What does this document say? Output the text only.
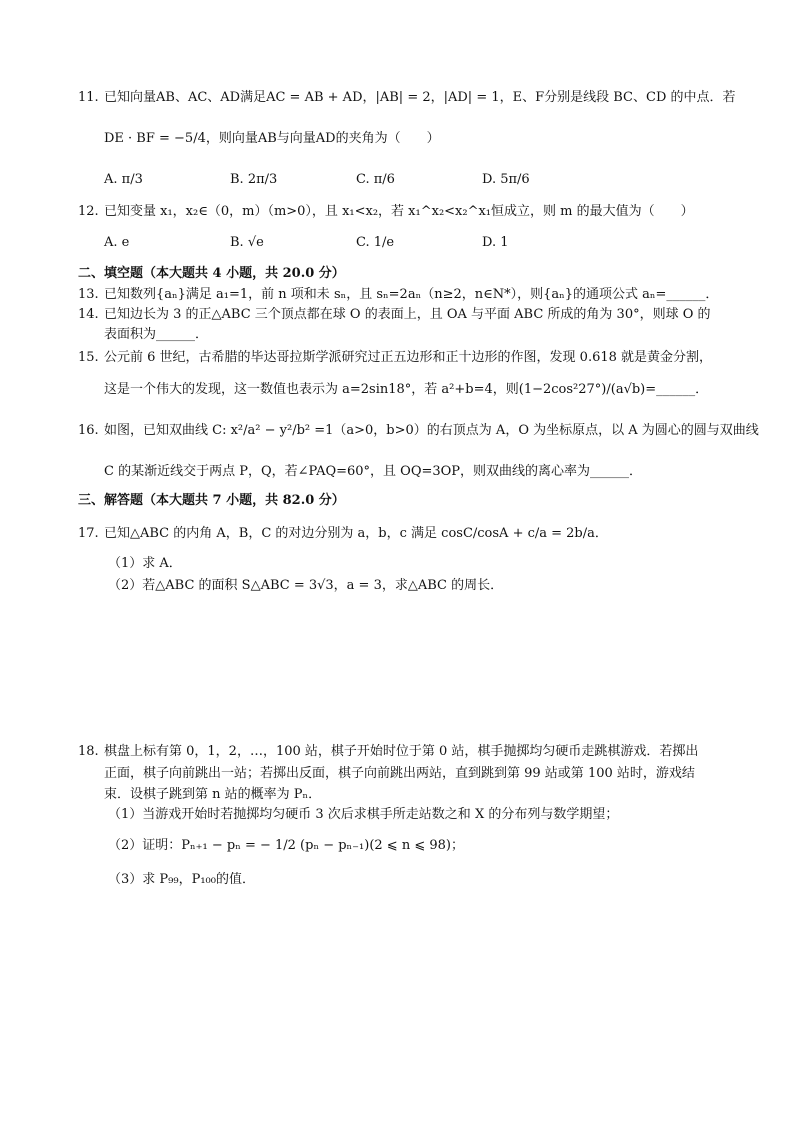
11. 已知向量AB、AC、AD满足AC = AB + AD，|AB| = 2，|AD| = 1，E、F分别是线段 BC、CD 的中点．若
DE · BF = −5/4，则向量AB与向量AD的夹角为（　　）
A. π/3	B. 2π/3	C. π/6	D. 5π/6
12. 已知变量 x₁，x₂∈（0，m）（m>0），且 x₁<x₂，若 x₁^x₂<x₂^x₁恒成立，则 m 的最大值为（　　）
A. e	B. √e	C. 1/e	D. 1
二、填空题（本大题共 4 小题，共 20.0 分）
13. 已知数列{aₙ}满足 a₁=1，前 n 项和未 sₙ，且 sₙ=2aₙ（n≥2，n∈N*），则{aₙ}的通项公式 aₙ=______．
14. 已知边长为 3 的正△ABC 三个顶点都在球 O 的表面上，且 OA 与平面 ABC 所成的角为 30°，则球 O 的
表面积为______．
15. 公元前 6 世纪，古希腊的毕达哥拉斯学派研究过正五边形和正十边形的作图，发现 0.618 就是黄金分割，
这是一个伟大的发现，这一数值也表示为 a=2sin18°，若 a²+b=4，则(1−2cos²27°)/(a√b)=______．
16. 如图，已知双曲线 C: x²/a² − y²/b² =1（a>0，b>0）的右顶点为 A，O 为坐标原点，以 A 为圆心的圆与双曲线
C 的某渐近线交于两点 P，Q，若∠PAQ=60°，且 OQ=3OP，则双曲线的离心率为______．
三、解答题（本大题共 7 小题，共 82.0 分）
17. 已知△ABC 的内角 A，B，C 的对边分别为 a，b，c 满足 cosC/cosA + c/a = 2b/a．
（1）求 A．
（2）若△ABC 的面积 S△ABC = 3√3，a = 3，求△ABC 的周长．
18. 棋盘上标有第 0，1，2，…，100 站，棋子开始时位于第 0 站，棋手抛掷均匀硬币走跳棋游戏．若掷出
正面，棋子向前跳出一站；若掷出反面，棋子向前跳出两站，直到跳到第 99 站或第 100 站时，游戏结
束．设棋子跳到第 n 站的概率为 Pₙ．
（1）当游戏开始时若抛掷均匀硬币 3 次后求棋手所走站数之和 X 的分布列与数学期望；
（2）证明：Pₙ₊₁ − pₙ = − 1/2 (pₙ − pₙ₋₁)(2 ⩽ n ⩽ 98)；
（3）求 P₉₉，P₁₀₀的值．
